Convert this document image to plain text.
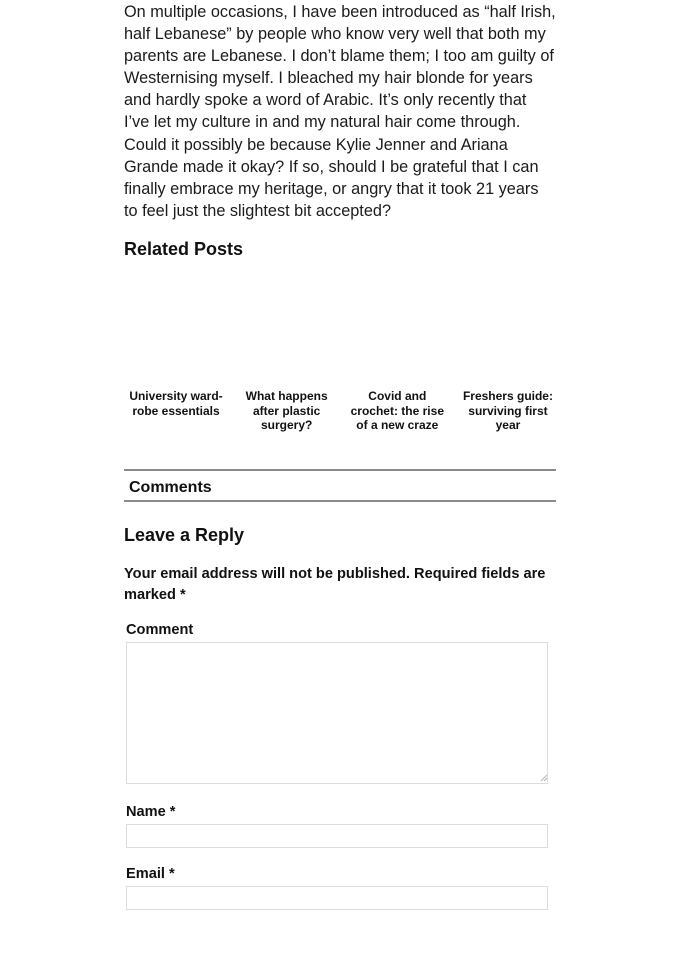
On multiple occasions, I have been introduced as “half Irish, half Lebanese” by people who know very well that both my parents are Lebanese. I don’t blame them; I too am guilty of Westernising myself. I bleached my hair blonde for years and hardly spoke a word of Arabic. It’s only recently that I’ve let my culture in and my natural hair come through. Could it possibly be because Kylie Jenner and Ariana Grande made it okay? If so, should I be grateful that I can finally embrace my heritage, or angry that it took 21 years to feel just the slightest bit accepted?

Related Posts
University ward-robe essentials
What happens after plastic surgery?
Covid and crochet: the rise of a new craze
Freshers guide: surviving first year
Comments
Leave a Reply

Your email address will not be published. Required fields are marked *

Comment
Name *
Email *
